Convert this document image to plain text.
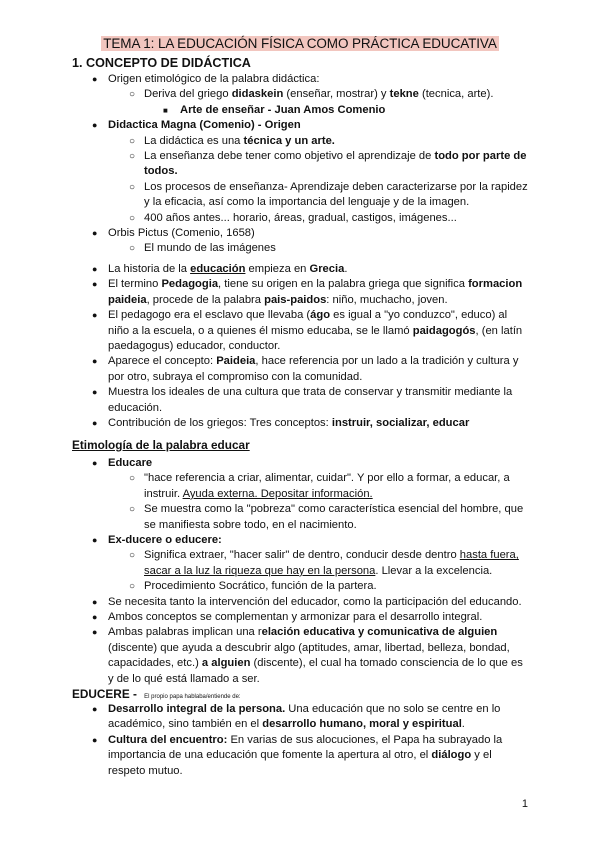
TEMA 1: LA EDUCACIÓN FÍSICA COMO PRÁCTICA EDUCATIVA
1. CONCEPTO DE DIDÁCTICA
● Origen etimológico de la palabra didáctica:
○ Deriva del griego didaskein (enseñar, mostrar) y tekne (tecnica, arte).
■ Arte de enseñar - Juan Amos Comenio
● Didactica Magna (Comenio) - Origen
○ La didáctica es una técnica y un arte.
○ La enseñanza debe tener como objetivo el aprendizaje de todo por parte de todos.
○ Los procesos de enseñanza- Aprendizaje deben caracterizarse por la rapidez y la eficacia, así como la importancia del lenguaje y de la imagen.
○ 400 años antes... horario, áreas, gradual, castigos, imágenes...
● Orbis Pictus (Comenio, 1658)
○ El mundo de las imágenes
● La historia de la educación empieza en Grecia.
● El termino Pedagogia, tiene su origen en la palabra griega que significa formacion paideia, procede de la palabra pais-paidos: niño, muchacho, joven.
● El pedagogo era el esclavo que llevaba (ágo es igual a "yo conduzco", educo) al niño a la escuela, o a quienes él mismo educaba, se le llamó paidagogós, (en latín paedagogus) educador, conductor.
● Aparece el concepto: Paideia, hace referencia por un lado a la tradición y cultura y por otro, subraya el compromiso con la comunidad.
● Muestra los ideales de una cultura que trata de conservar y transmitir mediante la educación.
● Contribución de los griegos: Tres conceptos: instruir, socializar, educar
Etimología de la palabra educar
● Educare
○ "hace referencia a criar, alimentar, cuidar". Y por ello a formar, a educar, a instruir. Ayuda externa. Depositar información.
○ Se muestra como la "pobreza" como característica esencial del hombre, que se manifiesta sobre todo, en el nacimiento.
● Ex-ducere o educere:
○ Significa extraer, "hacer salir" de dentro, conducir desde dentro hasta fuera, sacar a la luz la riqueza que hay en la persona. Llevar a la excelencia.
○ Procedimiento Socrático, función de la partera.
● Se necesita tanto la intervención del educador, como la participación del educando.
● Ambos conceptos se complementan y armonizar para el desarrollo integral.
● Ambas palabras implican una relación educativa y comunicativa de alguien (discente) que ayuda a descubrir algo (aptitudes, amar, libertad, belleza, bondad, capacidades, etc.) a alguien (discente), el cual ha tomado consciencia de lo que es y de lo qué está llamado a ser.
EDUCERE - El propio papa hablaba/entiende de:
● Desarrollo integral de la persona. Una educación que no solo se centre en lo académico, sino también en el desarrollo humano, moral y espiritual.
● Cultura del encuentro: En varias de sus alocuciones, el Papa ha subrayado la importancia de una educación que fomente la apertura al otro, el diálogo y el respeto mutuo.
1
